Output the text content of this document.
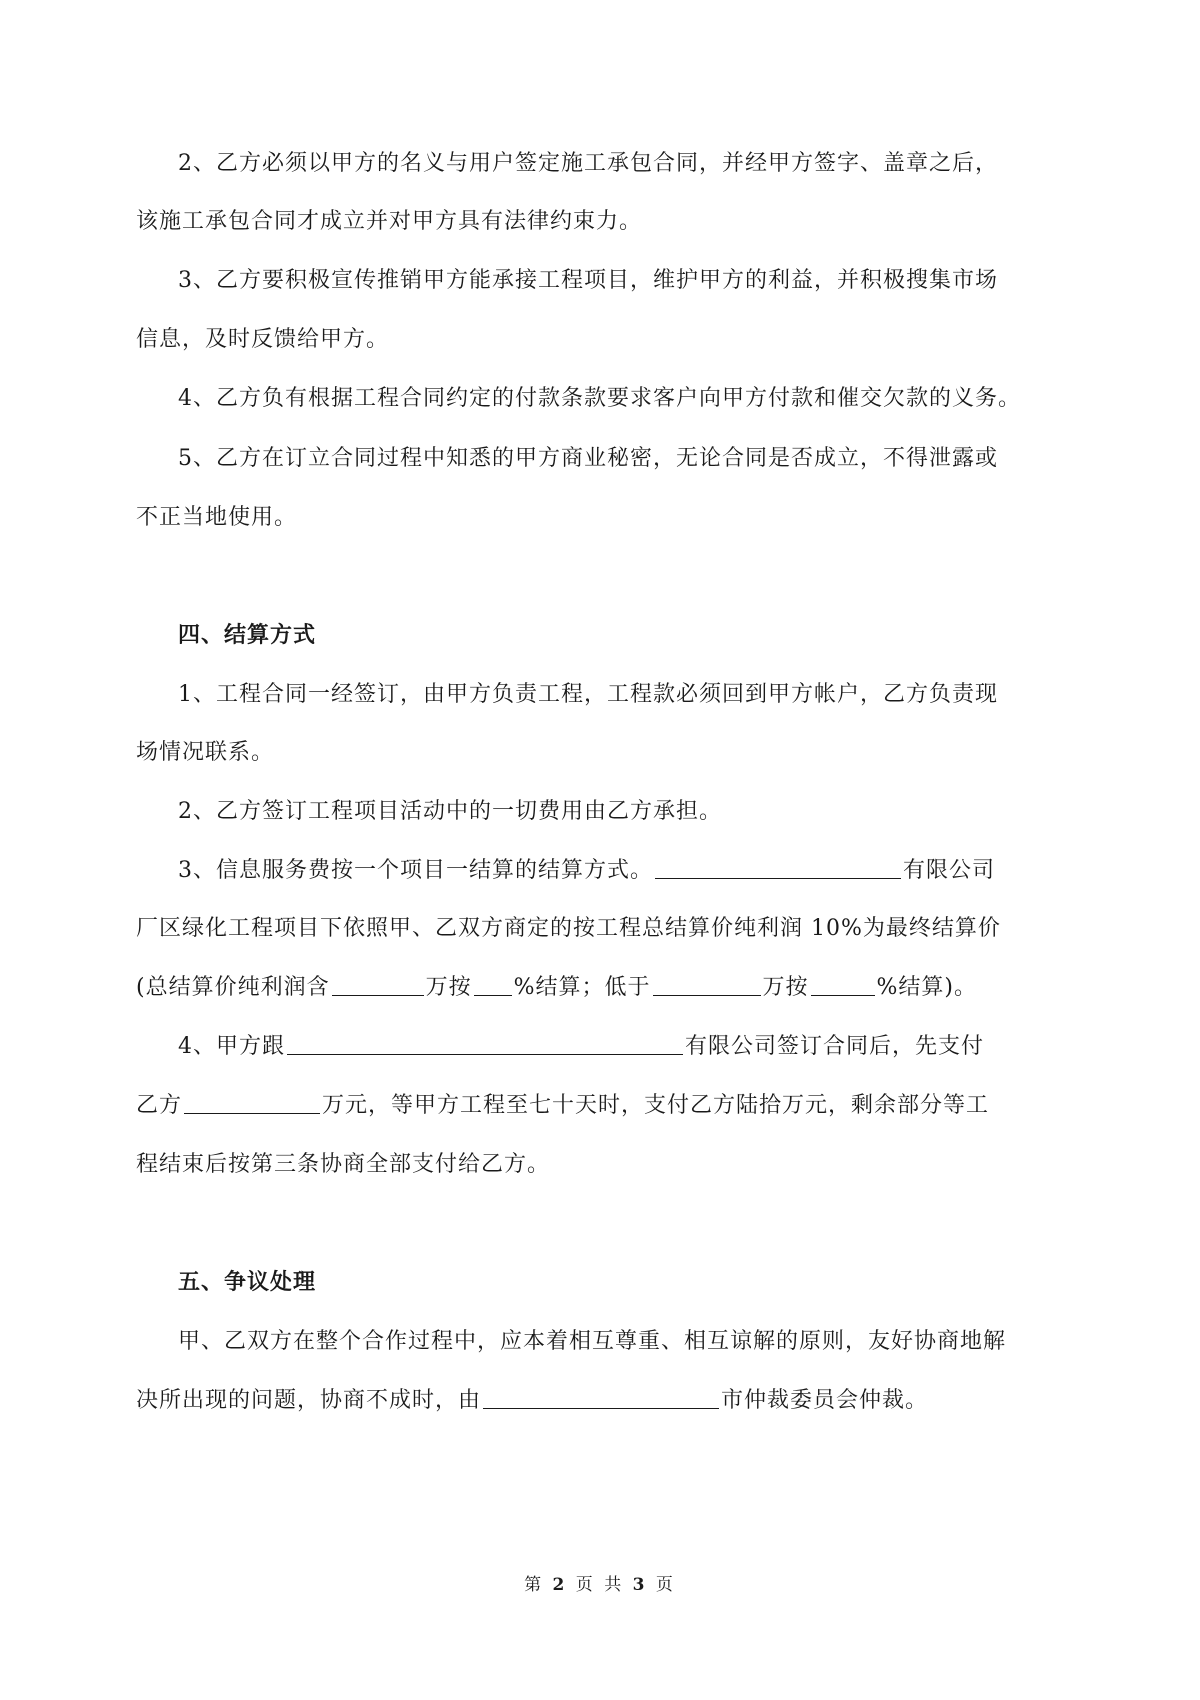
2、乙方必须以甲方的名义与用户签定施工承包合同，并经甲方签字、盖章之后，
该施工承包合同才成立并对甲方具有法律约束力。
3、乙方要积极宣传推销甲方能承接工程项目，维护甲方的利益，并积极搜集市场
信息，及时反馈给甲方。
4、乙方负有根据工程合同约定的付款条款要求客户向甲方付款和催交欠款的义务。
5、乙方在订立合同过程中知悉的甲方商业秘密，无论合同是否成立，不得泄露或
不正当地使用。
四、结算方式
1、工程合同一经签订，由甲方负责工程，工程款必须回到甲方帐户，乙方负责现
场情况联系。
2、乙方签订工程项目活动中的一切费用由乙方承担。
3、信息服务费按一个项目一结算的结算方式。	有限公司
厂区绿化工程项目下依照甲、乙双方商定的按工程总结算价纯利润 10%为最终结算价
(总结算价纯利润含	万按 %结算；低于	万按	%结算)。
4、甲方跟	有限公司签订合同后，先支付
乙方	万元，等甲方工程至七十天时，支付乙方陆拾万元，剩余部分等工
程结束后按第三条协商全部支付给乙方。
五、争议处理
甲、乙双方在整个合作过程中，应本着相互尊重、相互谅解的原则，友好协商地解
决所出现的问题，协商不成时，由	市仲裁委员会仲裁。
第 2 页 共 3 页
